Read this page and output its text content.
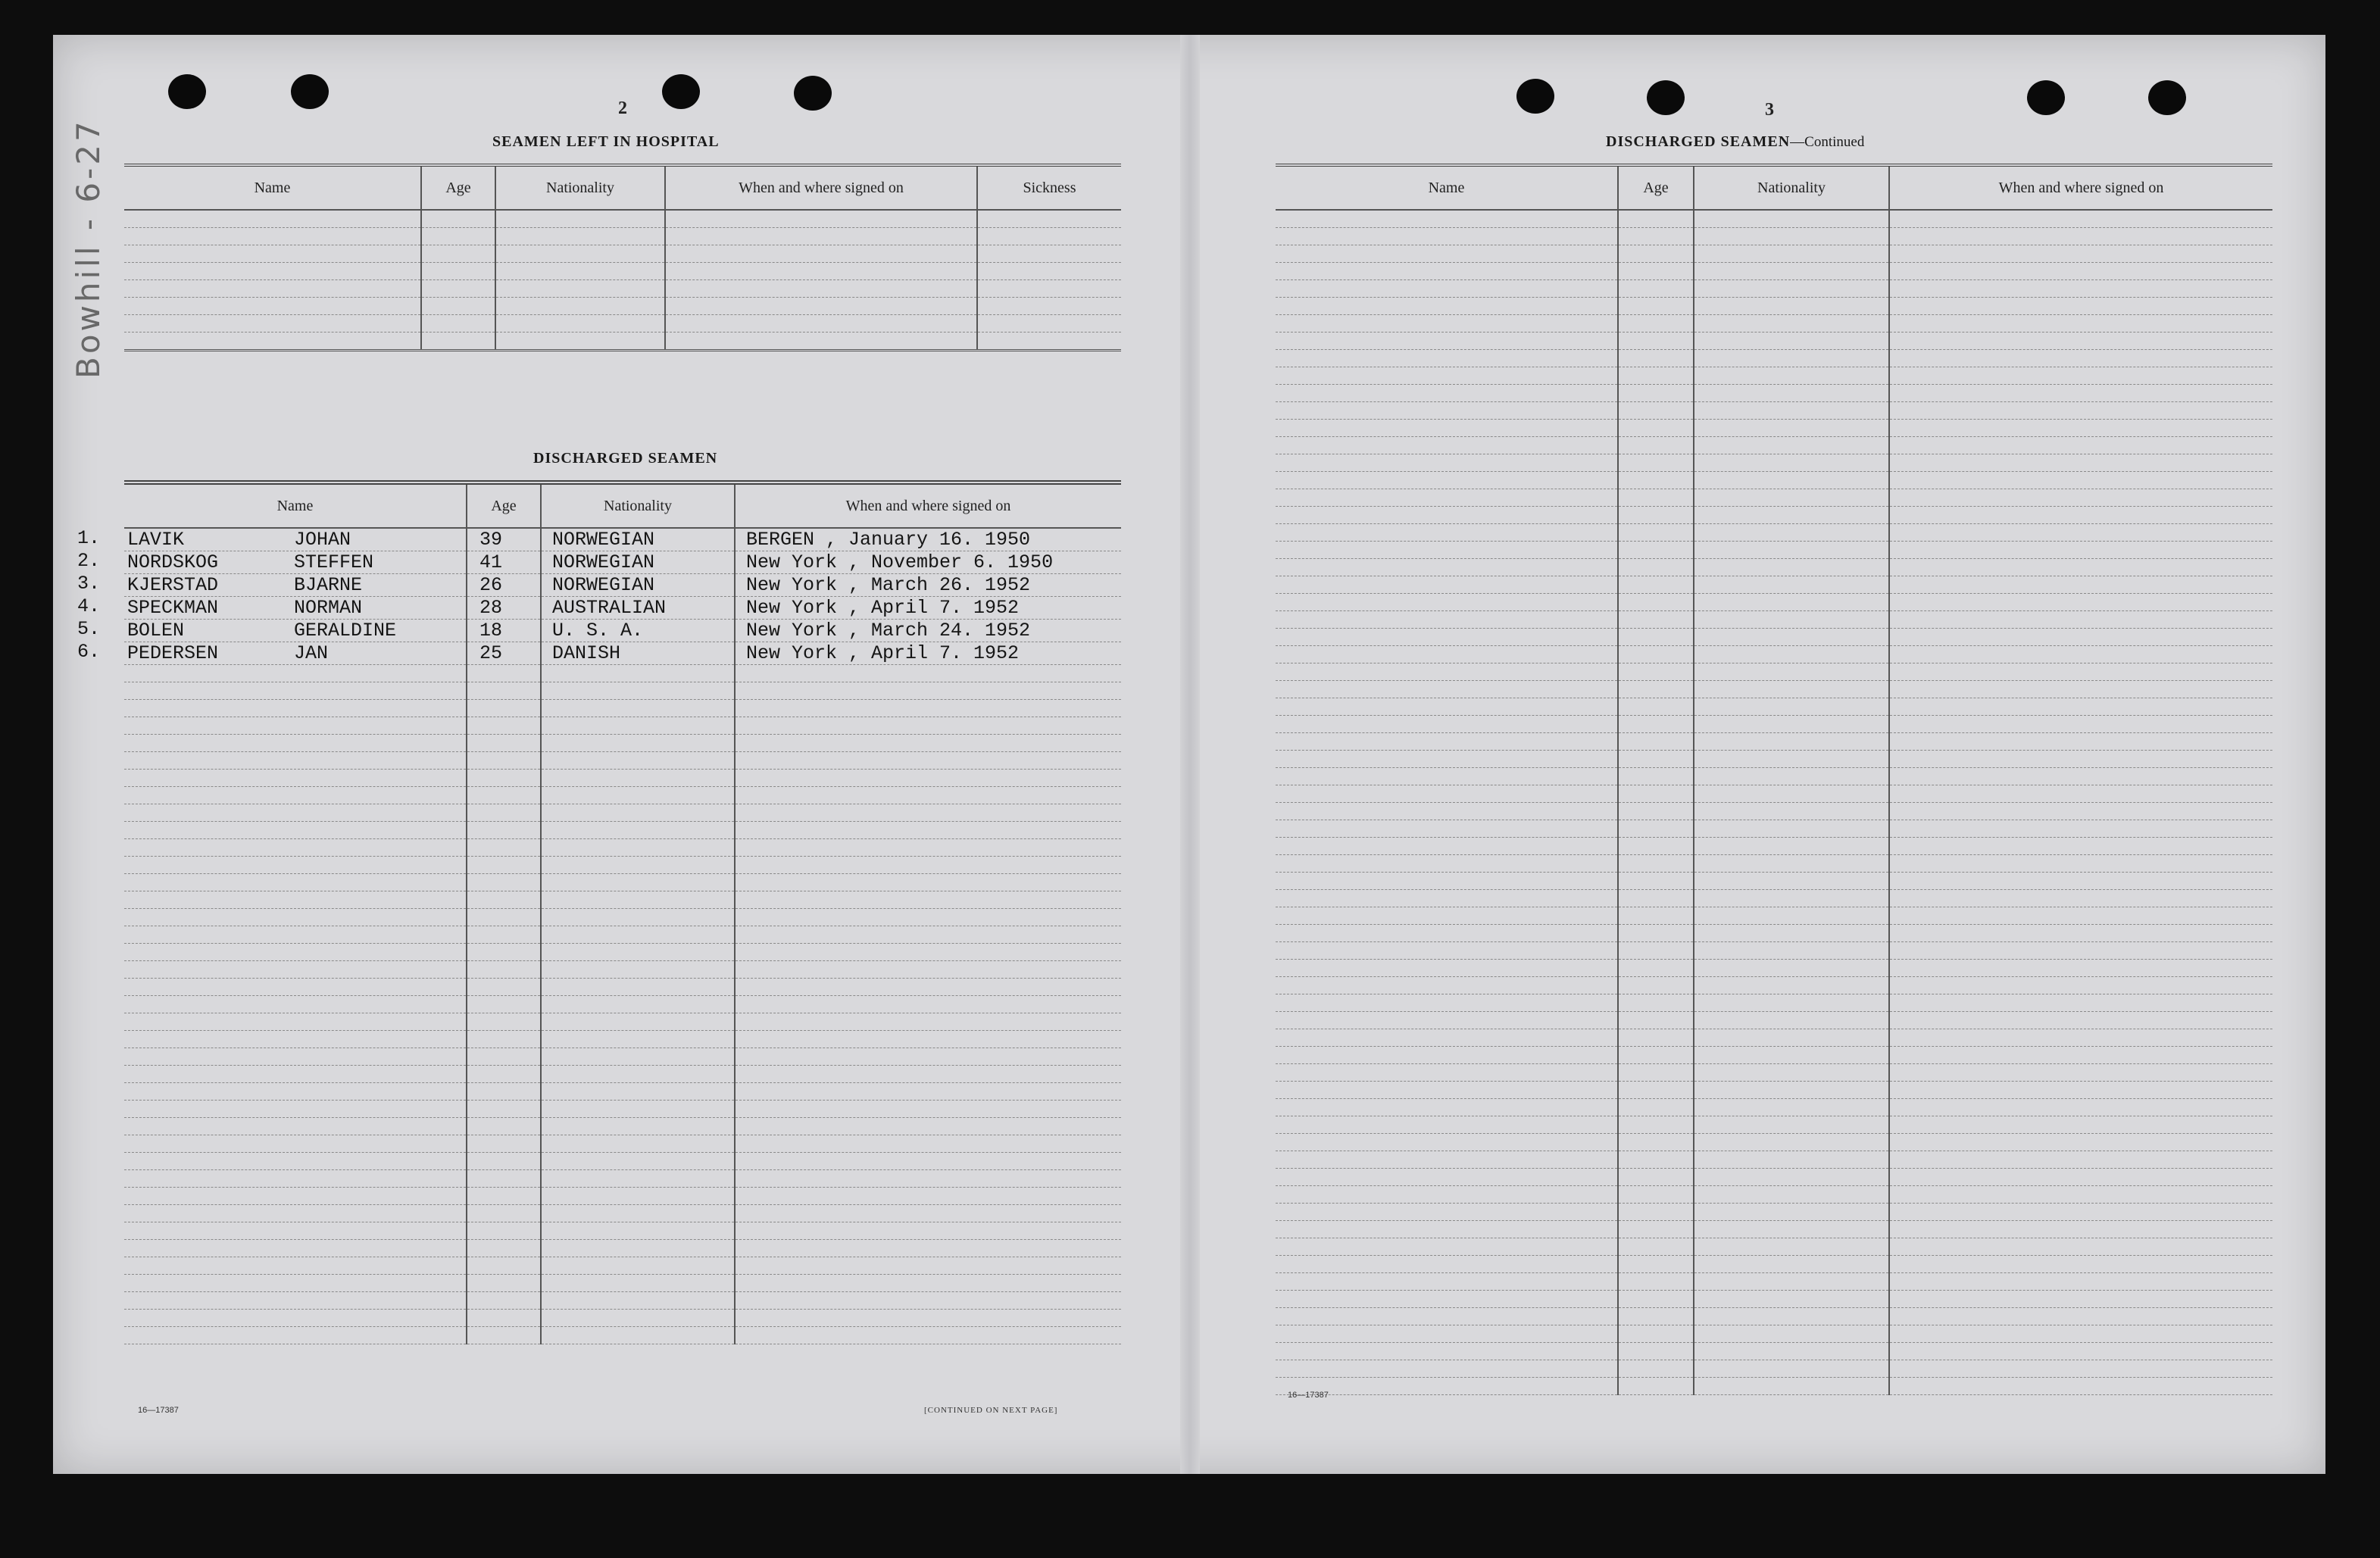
Bowhill - 6-27
2
SEAMEN LEFT IN HOSPITAL
Name	Age	Nationality	When and where signed on	Sickness

DISCHARGED SEAMEN
Name	Age	Nationality	When and where signed on

1. LAVIK JOHAN	39	NORWEGIAN	BERGEN , January 16. 1950

2. NORDSKOG STEFFEN	41	NORWEGIAN	New York , November 6. 1950

3. KJERSTAD BJARNE	26	NORWEGIAN	New York , March 26. 1952

4. SPECKMAN NORMAN	28	AUSTRALIAN	New York , April 7. 1952

5. BOLEN GERALDINE	18	U. S. A.	New York , March 24. 1952

6. PEDERSEN JAN	25	DANISH	New York , April 7. 1952

16—17387	[CONTINUED ON NEXT PAGE]
3
DISCHARGED SEAMEN—Continued
Name	Age	Nationality	When and where signed on

16—17387
